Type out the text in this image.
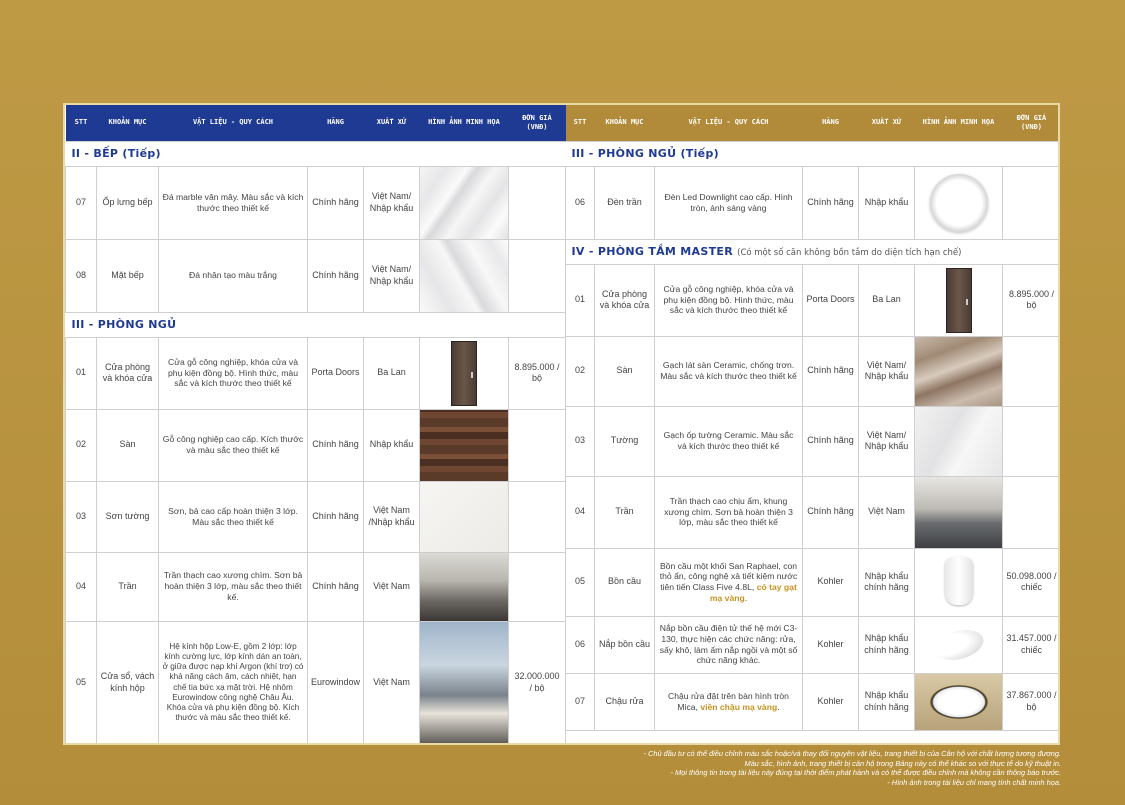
STT	KHOẢN MỤC	VẬT LIỆU - QUY CÁCH	HÃNG	XUẤT XỨ	HÌNH ẢNH MINH HỌA	ĐƠN GIÁ (VNĐ)
II - BẾP (Tiếp)						
07	Ốp lưng bếp	Đá marble vân mây. Màu sắc và kích thước theo thiết kế	Chính hãng	Việt Nam/ Nhập khẩu	

08	Mặt bếp	Đá nhân tạo màu trắng	Chính hãng	Việt Nam/ Nhập khẩu	

III - PHÒNG NGỦ						
01	Cửa phòng và khóa cửa	Cửa gỗ công nghiệp, khóa cửa và phụ kiện đồng bộ. Hình thức, màu sắc và kích thước theo thiết kế	Porta Doors	Ba Lan		8.895.000 / bộ
02	Sàn	Gỗ công nghiệp cao cấp. Kích thước và màu sắc theo thiết kế	Chính hãng	Nhập khẩu	

03	Sơn tường	Sơn, bả cao cấp hoàn thiện 3 lớp. Màu sắc theo thiết kế	Chính hãng	Việt Nam /Nhập khẩu	

04	Trần	Trần thạch cao xương chìm. Sơn bả hoàn thiện 3 lớp, màu sắc theo thiết kế.	Chính hãng	Việt Nam	

05	Cửa sổ, vách kính hộp	Hệ kính hộp Low-E, gồm 2 lớp: lớp kính cường lực, lớp kính dán an toàn, ở giữa được nạp khí Argon (khí trơ) có khả năng cách âm, cách nhiệt, hạn chế tia bức xạ mặt trời. Hệ nhôm Eurowindow công nghệ Châu Âu. Khóa cửa và phụ kiện đồng bộ. Kích thước và màu sắc theo thiết kế.	Eurowindow	Việt Nam		32.000.000 / bộ
STT	KHOẢN MỤC	VẬT LIỆU - QUY CÁCH	HÃNG	XUẤT XỨ	HÌNH ẢNH MINH HỌA	ĐƠN GIÁ (VNĐ)
III - PHÒNG NGỦ (Tiếp)						
06	Đèn trần	Đèn Led Downlight cao cấp. Hình tròn, ánh sáng vàng	Chính hãng	Nhập khẩu	

IV - PHÒNG TẮM MASTER (Có một số căn không bồn tắm do diện tích hạn chế)						
01	Cửa phòng và khóa cửa	Cửa gỗ công nghiệp, khóa cửa và phụ kiện đồng bộ. Hình thức, màu sắc và kích thước theo thiết kế	Porta Doors	Ba Lan		8.895.000 / bộ
02	Sàn	Gạch lát sàn Ceramic, chống trơn. Màu sắc và kích thước theo thiết kế	Chính hãng	Việt Nam/ Nhập khẩu	

03	Tường	Gạch ốp tường Ceramic. Màu sắc và kích thước theo thiết kế	Chính hãng	Việt Nam/ Nhập khẩu	

04	Trần	Trần thạch cao chịu ẩm, khung xương chìm. Sơn bả hoàn thiện 3 lớp, màu sắc theo thiết kế	Chính hãng	Việt Nam	

05	Bồn cầu	Bồn cầu một khối San Raphael, con thỏ ẩn, công nghệ xả tiết kiệm nước tiên tiến Class Five 4.8L, có tay gạt mạ vàng.	Kohler	Nhập khẩu chính hãng		50.098.000 / chiếc
06	Nắp bồn cầu	Nắp bồn cầu điện tử thế hệ mới C3-130, thực hiện các chức năng: rửa, sấy khô, làm ấm nắp ngồi và một số chức năng khác.	Kohler	Nhập khẩu chính hãng		31.457.000 / chiếc
07	Chậu rửa	Chậu rửa đặt trên bàn hình tròn Mica, viền chậu mạ vàng.	Kohler	Nhập khẩu chính hãng		37.867.000 / bộ
- Chủ đầu tư có thể điều chỉnh màu sắc hoặc/và thay đổi nguyên vật liệu, trang thiết bị của Căn hộ với chất lượng tương đương.
Màu sắc, hình ảnh, trang thiết bị căn hộ trong Bảng này có thể khác so với thực tế do kỹ thuật in.
- Mọi thông tin trong tài liệu này đúng tại thời điểm phát hành và có thể được điều chỉnh mà không cần thông báo trước.
- Hình ảnh trong tài liệu chỉ mang tính chất minh họa.
